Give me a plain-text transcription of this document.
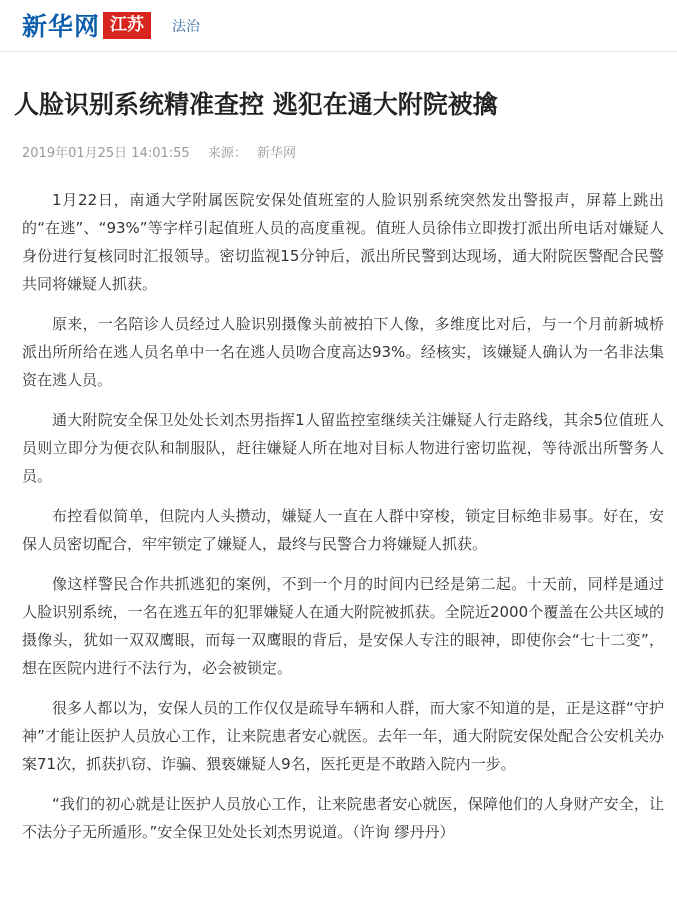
新华网 江苏	法治
人脸识别系统精准查控 逃犯在通大附院被擒
2019年01月25日 14:01:55 来源： 新华网

1月22日，南通大学附属医院安保处值班室的人脸识别系统突然发出警报声，屏幕上跳出的“在逃”、“93%”等字样引起值班人员的高度重视。值班人员徐伟立即拨打派出所电话对嫌疑人身份进行复核同时汇报领导。密切监视15分钟后，派出所民警到达现场，通大附院医警配合民警共同将嫌疑人抓获。

原来，一名陪诊人员经过人脸识别摄像头前被拍下人像，多维度比对后，与一个月前新城桥派出所所给在逃人员名单中一名在逃人员吻合度高达93%。经核实，该嫌疑人确认为一名非法集资在逃人员。

通大附院安全保卫处处长刘杰男指挥1人留监控室继续关注嫌疑人行走路线，其余5位值班人员则立即分为便衣队和制服队，赶往嫌疑人所在地对目标人物进行密切监视，等待派出所警务人员。

布控看似简单，但院内人头攒动，嫌疑人一直在人群中穿梭，锁定目标绝非易事。好在，安保人员密切配合，牢牢锁定了嫌疑人，最终与民警合力将嫌疑人抓获。

像这样警民合作共抓逃犯的案例，不到一个月的时间内已经是第二起。十天前，同样是通过人脸识别系统，一名在逃五年的犯罪嫌疑人在通大附院被抓获。全院近2000个覆盖在公共区域的摄像头，犹如一双双鹰眼，而每一双鹰眼的背后，是安保人专注的眼神，即使你会“七十二变”，想在医院内进行不法行为，必会被锁定。

很多人都以为，安保人员的工作仅仅是疏导车辆和人群，而大家不知道的是，正是这群“守护神”才能让医护人员放心工作，让来院患者安心就医。去年一年，通大附院安保处配合公安机关办案71次，抓获扒窃、诈骗、猥亵嫌疑人9名，医托更是不敢踏入院内一步。

“我们的初心就是让医护人员放心工作，让来院患者安心就医，保障他们的人身财产安全，让不法分子无所遁形。”安全保卫处处长刘杰男说道。（许询 缪丹丹）
